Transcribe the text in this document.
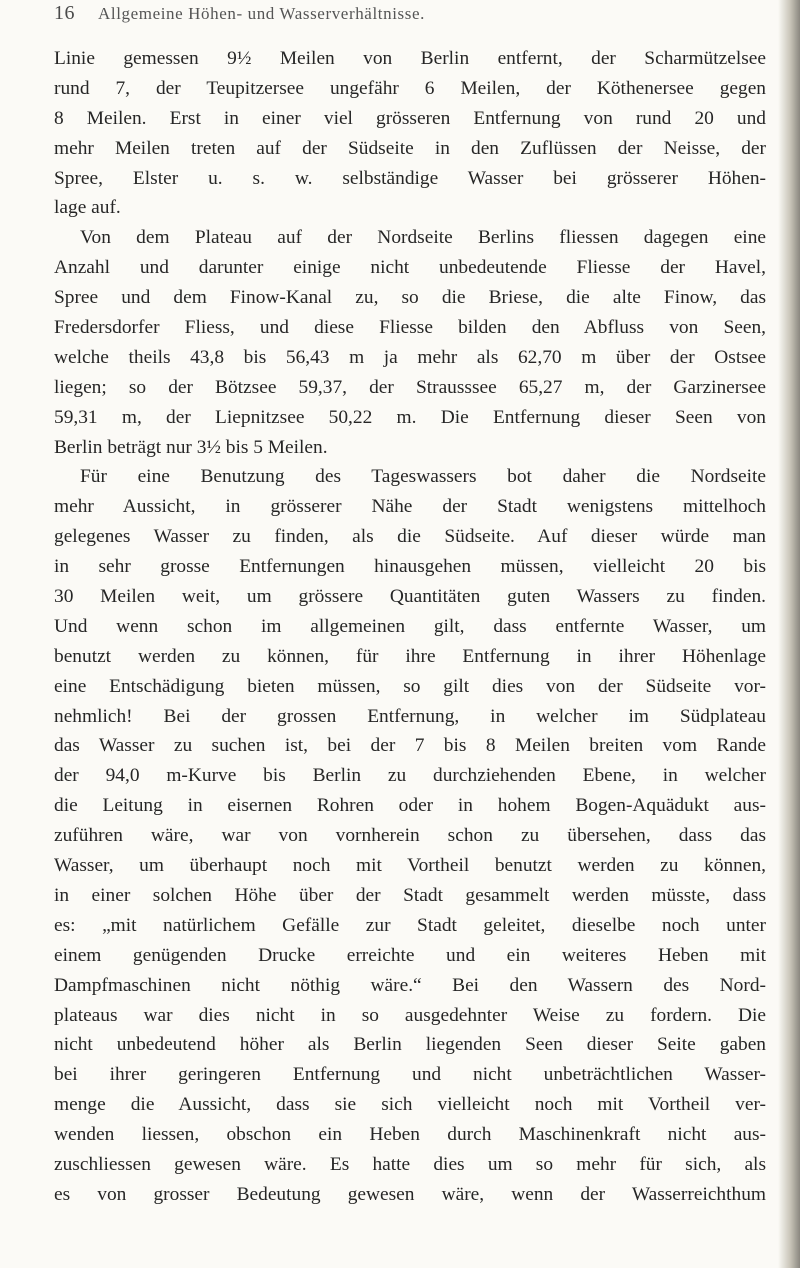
16 Allgemeine Höhen- und Wasserverhältnisse.
Linie gemessen 9½ Meilen von Berlin entfernt, der Scharmützelsee
rund 7, der Teupitzersee ungefähr 6 Meilen, der Köthenersee gegen
8 Meilen. Erst in einer viel grösseren Entfernung von rund 20 und
mehr Meilen treten auf der Südseite in den Zuflüssen der Neisse, der
Spree, Elster u. s. w. selbständige Wasser bei grösserer Höhen-
lage auf.
Von dem Plateau auf der Nordseite Berlins fliessen dagegen eine
Anzahl und darunter einige nicht unbedeutende Fliesse der Havel,
Spree und dem Finow-Kanal zu, so die Briese, die alte Finow, das
Fredersdorfer Fliess, und diese Fliesse bilden den Abfluss von Seen,
welche theils 43,8 bis 56,43 m ja mehr als 62,70 m über der Ostsee
liegen; so der Bötzsee 59,37, der Strausssee 65,27 m, der Garzinersee
59,31 m, der Liepnitzsee 50,22 m. Die Entfernung dieser Seen von
Berlin beträgt nur 3½ bis 5 Meilen.
Für eine Benutzung des Tageswassers bot daher die Nordseite
mehr Aussicht, in grösserer Nähe der Stadt wenigstens mittelhoch
gelegenes Wasser zu finden, als die Südseite. Auf dieser würde man
in sehr grosse Entfernungen hinausgehen müssen, vielleicht 20 bis
30 Meilen weit, um grössere Quantitäten guten Wassers zu finden.
Und wenn schon im allgemeinen gilt, dass entfernte Wasser, um
benutzt werden zu können, für ihre Entfernung in ihrer Höhenlage
eine Entschädigung bieten müssen, so gilt dies von der Südseite vor-
nehmlich! Bei der grossen Entfernung, in welcher im Südplateau
das Wasser zu suchen ist, bei der 7 bis 8 Meilen breiten vom Rande
der 94,0 m-Kurve bis Berlin zu durchziehenden Ebene, in welcher
die Leitung in eisernen Rohren oder in hohem Bogen-Aquädukt aus-
zuführen wäre, war von vornherein schon zu übersehen, dass das
Wasser, um überhaupt noch mit Vortheil benutzt werden zu können,
in einer solchen Höhe über der Stadt gesammelt werden müsste, dass
es: „mit natürlichem Gefälle zur Stadt geleitet, dieselbe noch unter
einem genügenden Drucke erreichte und ein weiteres Heben mit
Dampfmaschinen nicht nöthig wäre.“ Bei den Wassern des Nord-
plateaus war dies nicht in so ausgedehnter Weise zu fordern. Die
nicht unbedeutend höher als Berlin liegenden Seen dieser Seite gaben
bei ihrer geringeren Entfernung und nicht unbeträchtlichen Wasser-
menge die Aussicht, dass sie sich vielleicht noch mit Vortheil ver-
wenden liessen, obschon ein Heben durch Maschinenkraft nicht aus-
zuschliessen gewesen wäre. Es hatte dies um so mehr für sich, als
es von grosser Bedeutung gewesen wäre, wenn der Wasserreichthum
